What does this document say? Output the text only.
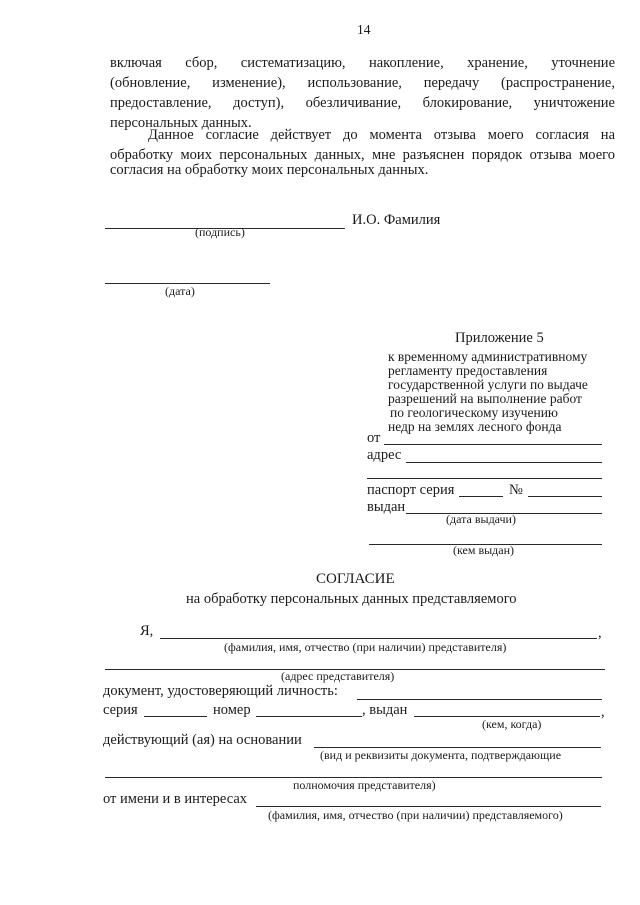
14
включая сбор, систематизацию, накопление, хранение, уточнение
(обновление, изменение), использование, передачу (распространение,
предоставление, доступ), обезличивание, блокирование, уничтожение
персональных данных.
Данное согласие действует до момента отзыва моего согласия на
обработку моих персональных данных, мне разъяснен порядок отзыва моего
согласия на обработку моих персональных данных.
И.О. Фамилия
(подпись)
(дата)
Приложение 5
к временному административному
регламенту предоставления
государственной услуги по выдаче
разрешений на выполнение работ
по геологическому изучению
недр на землях лесного фонда
от
адрес
паспорт серия	№
выдан
(дата выдачи)
(кем выдан)
СОГЛАСИЕ
на обработку персональных данных представляемого
Я,	,
(фамилия, имя, отчество (при наличии) представителя)
(адрес представителя)
документ, удостоверяющий личность:
серия	номер	, выдан	,
(кем, когда)
действующий (ая) на основании
(вид и реквизиты документа, подтверждающие
полномочия представителя)
от имени и в интересах
(фамилия, имя, отчество (при наличии) представляемого)
